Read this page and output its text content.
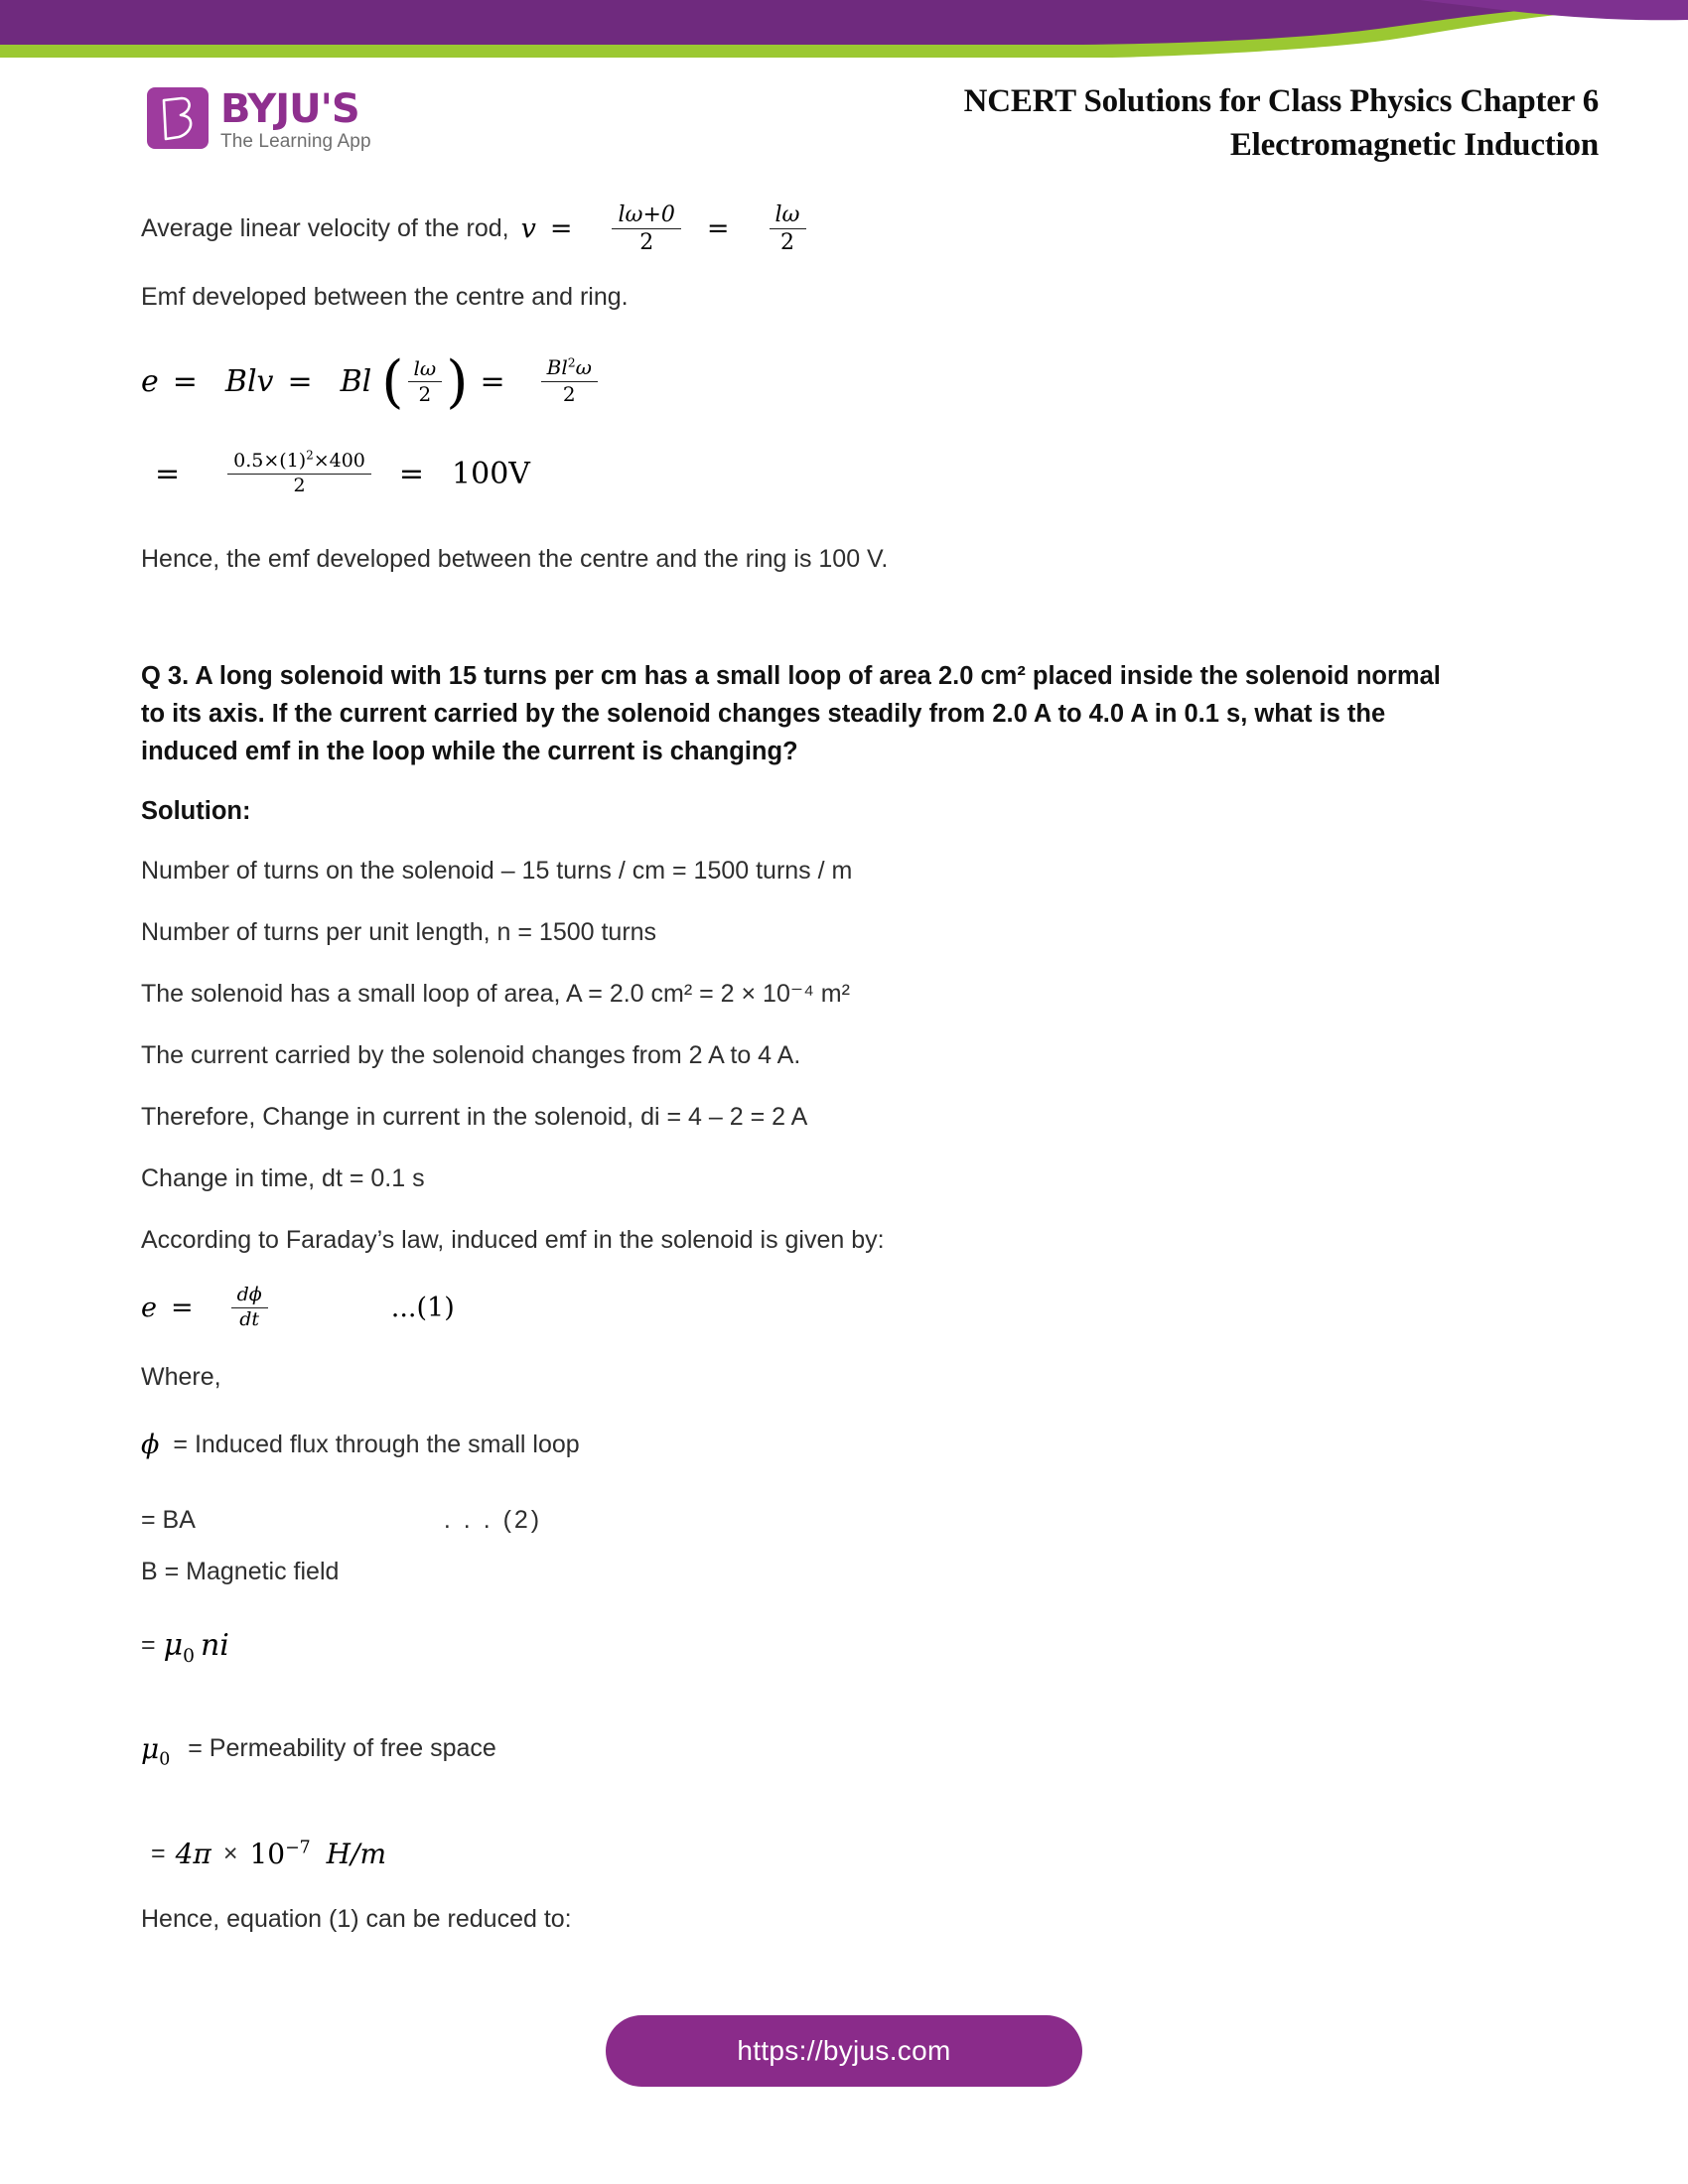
BYJU'S
The Learning App
NCERT Solutions for Class Physics Chapter 6
Electromagnetic Induction
Average linear velocity of the rod, $v = \frac{l\omega+0}{2} = \frac{l\omega}{2}$

Emf developed between the centre and ring.

e = Blv = Bl ( $\frac{l\omega}{2}$ ) = $\frac{Bl^2\omega}{2}$
=	$\frac{0.5\times(1)^2\times 400}{2} = 100V$

Hence, the emf developed between the centre and the ring is 100 V.

Q 3. A long solenoid with 15 turns per cm has a small loop of area 2.0 cm² placed inside the solenoid normal to its axis. If the current carried by the solenoid changes steadily from 2.0 A to 4.0 A in 0.1 s, what is the induced emf in the loop while the current is changing?

Solution:

Number of turns on the solenoid – 15 turns / cm = 1500 turns / m

Number of turns per unit length, n = 1500 turns

The solenoid has a small loop of area, A = 2.0 cm² = 2 × 10⁻⁴ m²

The current carried by the solenoid changes from 2 A to 4 A.

Therefore, Change in current in the solenoid, di = 4 – 2 = 2 A

Change in time, dt = 0.1 s

According to Faraday’s law, induced emf in the solenoid is given by:

$e = \frac{d\phi}{dt}$	...(1)

Where,

ϕ = Induced flux through the small loop
= BA	. . . (2)

B = Magnetic field

= $\mu_0$ ni
$\mu_0$ = Permeability of free space
= $4\pi \times 10^{-7}$ H/m

Hence, equation (1) can be reduced to:

https://byjus.com
